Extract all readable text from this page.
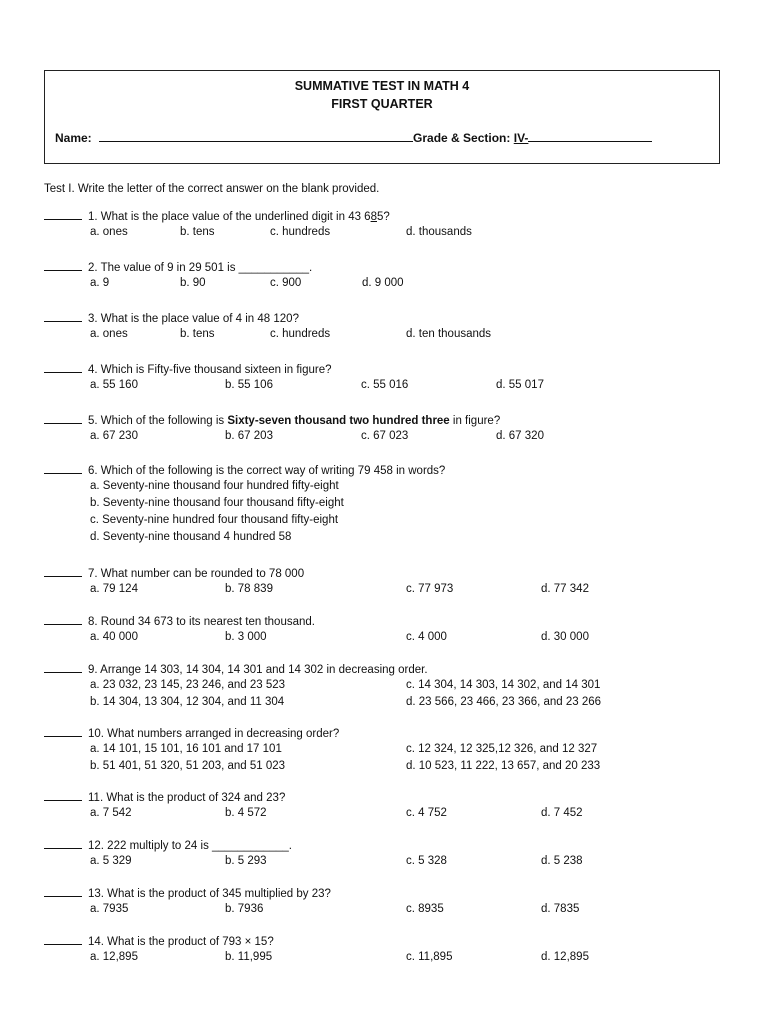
SUMMATIVE TEST IN MATH 4
FIRST QUARTER
Name:	Grade & Section: IV-
Test I. Write the letter of the correct answer on the blank provided.
1. What is the place value of the underlined digit in 43 685?
a. ones	b. tens	c. hundreds	d. thousands
2. The value of 9 in 29 501 is ___________.
a. 9	b. 90	c. 900	d. 9 000
3. What is the place value of 4 in 48 120?
a. ones	b. tens	c. hundreds	d. ten thousands
4. Which is Fifty-five thousand sixteen in figure?
a. 55 160	b. 55 106	c. 55 016	d. 55 017
5. Which of the following is Sixty-seven thousand two hundred three in figure?
a. 67 230	b. 67 203	c. 67 023	d. 67 320
6. Which of the following is the correct way of writing 79 458 in words?
a. Seventy-nine thousand four hundred fifty-eight
b. Seventy-nine thousand four thousand fifty-eight
c. Seventy-nine hundred four thousand fifty-eight
d. Seventy-nine thousand 4 hundred 58
7. What number can be rounded to 78 000
a. 79 124	b. 78 839	c. 77 973	d. 77 342
8. Round 34 673 to its nearest ten thousand.
a. 40 000	b. 3 000	c. 4 000	d. 30 000
9. Arrange 14 303, 14 304, 14 301 and 14 302 in decreasing order.
a. 23 032, 23 145, 23 246, and 23 523	c. 14 304, 14 303, 14 302, and 14 301
b. 14 304, 13 304, 12 304, and 11 304	d. 23 566, 23 466, 23 366, and 23 266
10. What numbers arranged in decreasing order?
a. 14 101, 15 101, 16 101 and 17 101	c. 12 324, 12 325,12 326, and 12 327
b. 51 401, 51 320, 51 203, and 51 023	d. 10 523, 11 222, 13 657, and 20 233
11. What is the product of 324 and 23?
a. 7 542	b. 4 572	c. 4 752	d. 7 452
12. 222 multiply to 24 is ____________.
a. 5 329	b. 5 293	c. 5 328	d. 5 238
13. What is the product of 345 multiplied by 23?
a. 7935	b. 7936	c. 8935	d. 7835
14. What is the product of 793 × 15?
a. 12,895	b. 11,995	c. 11,895	d. 12,895
